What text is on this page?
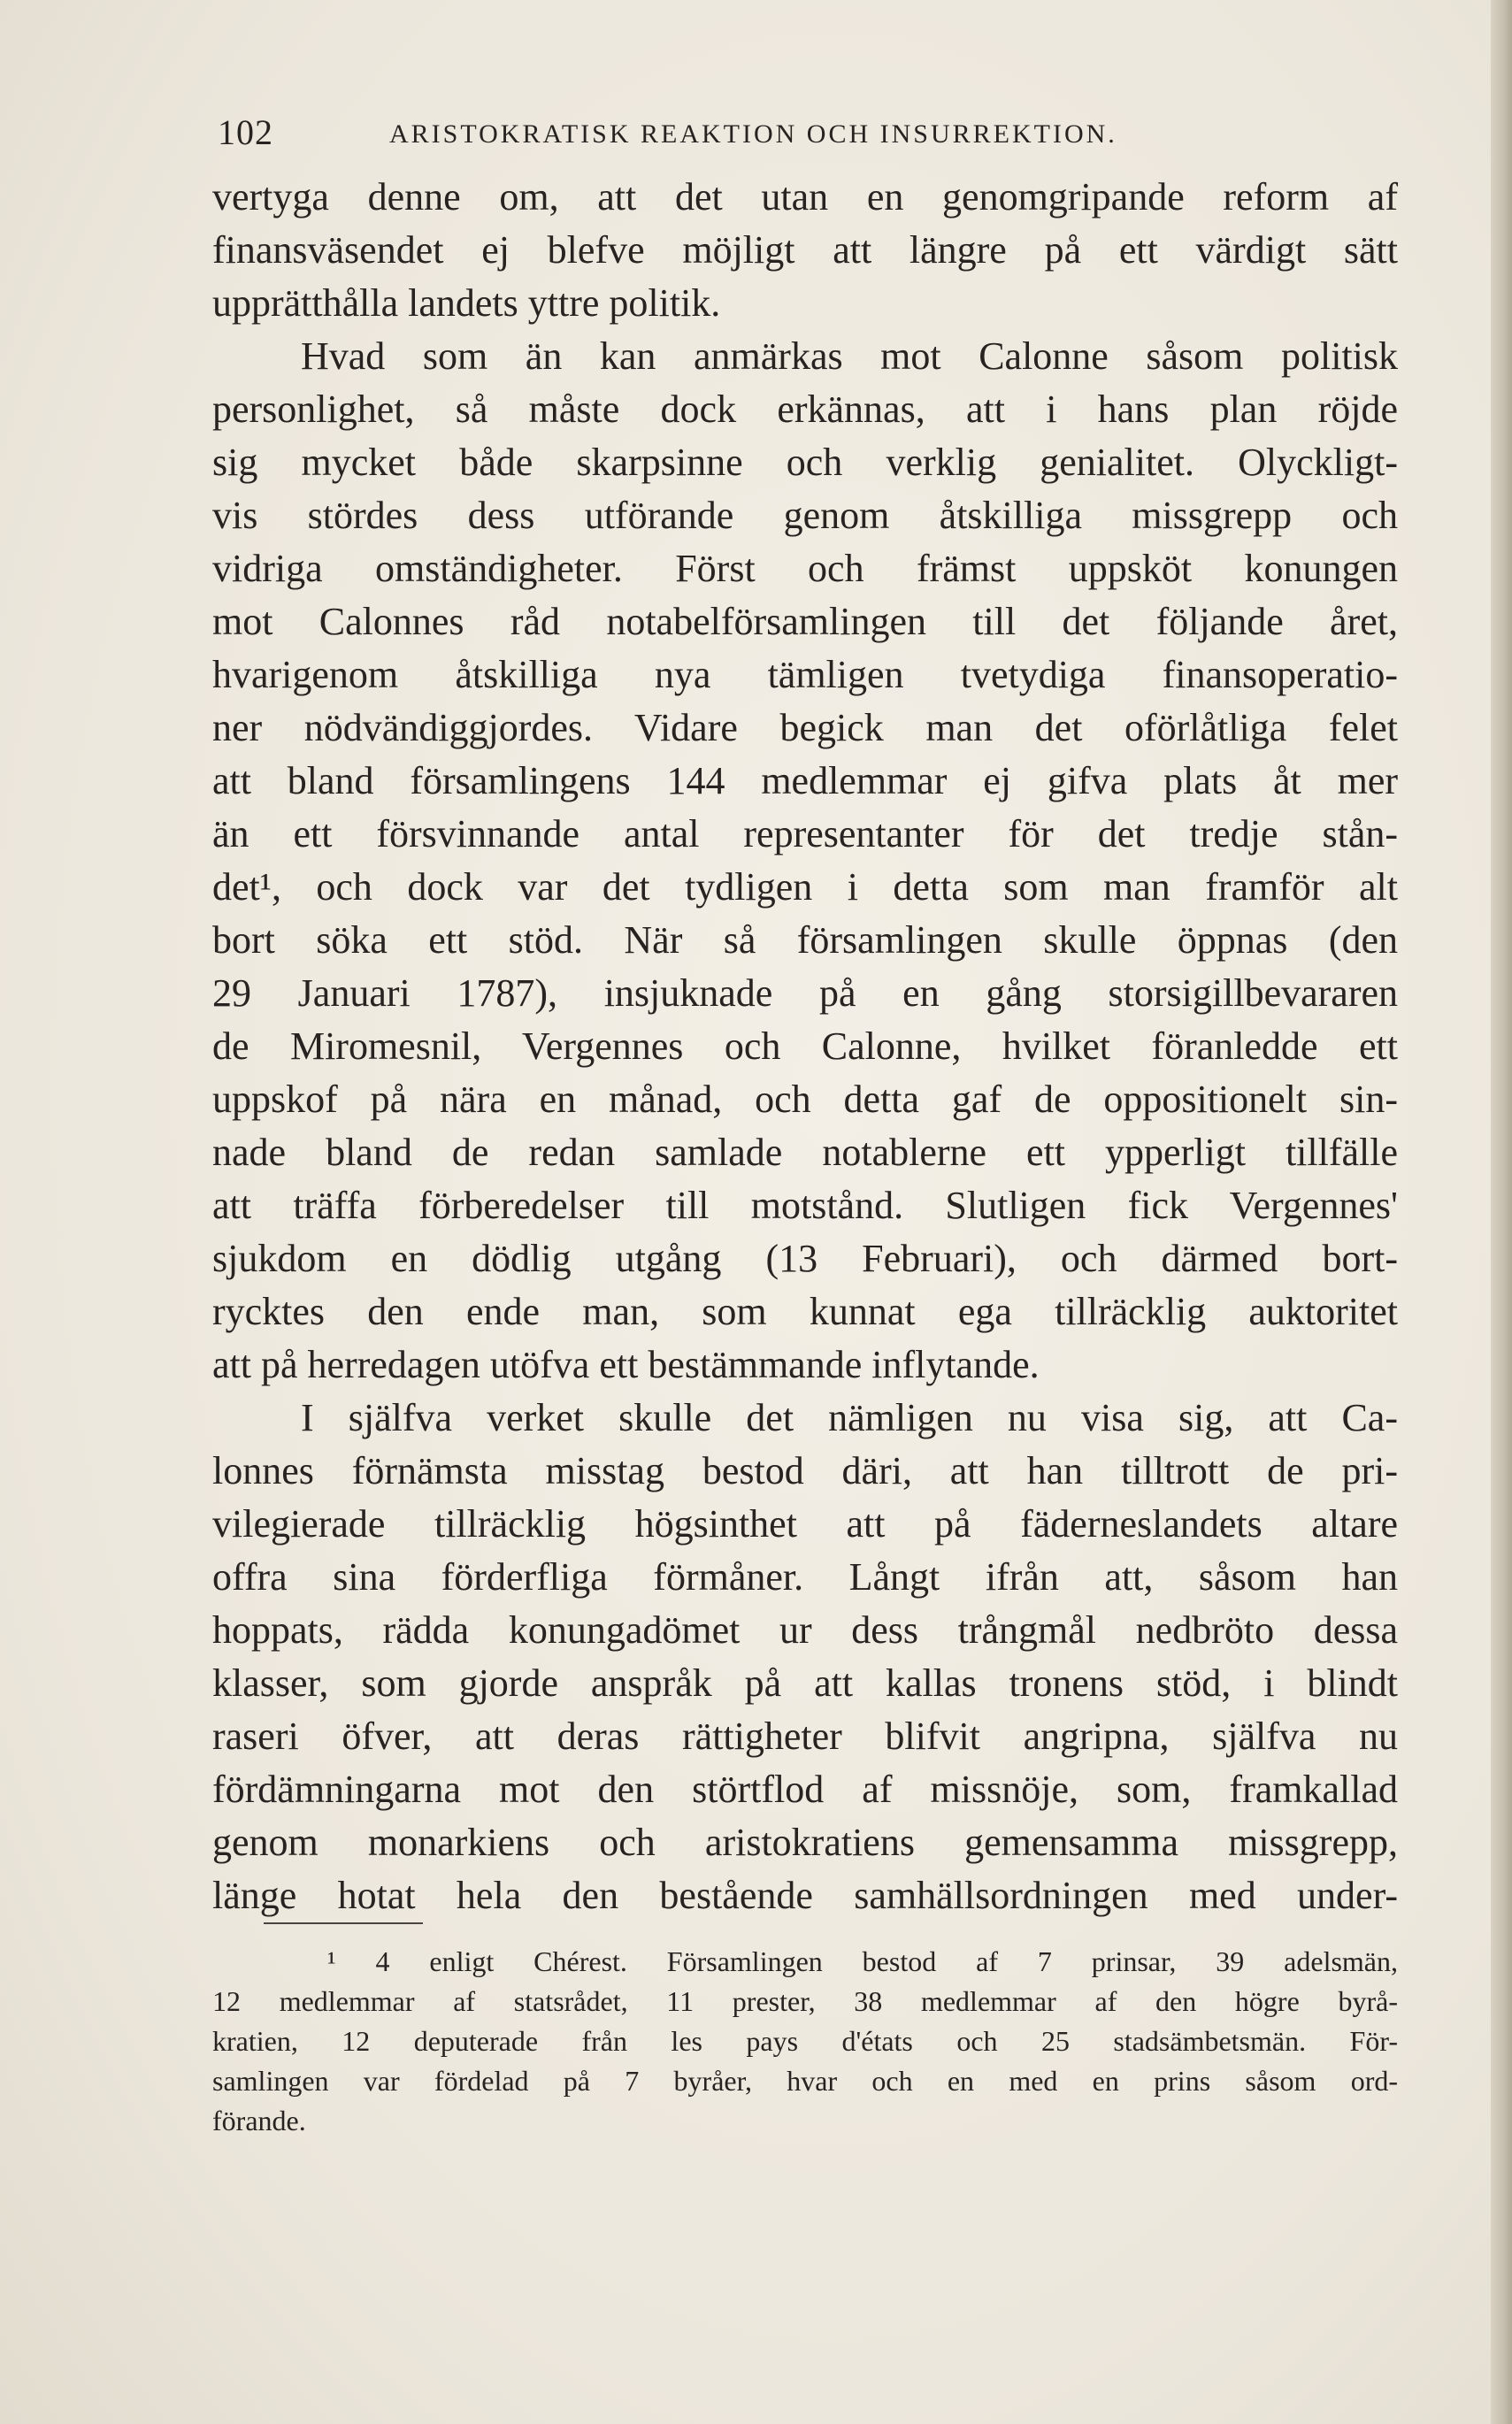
102	ARISTOKRATISK REAKTION OCH INSURREKTION.
vertyga denne om, att det utan en genomgripande reform af
finansväsendet ej blefve möjligt att längre på ett värdigt sätt
upprätthålla landets yttre politik.
Hvad som än kan anmärkas mot Calonne såsom politisk
personlighet, så måste dock erkännas, att i hans plan röjde
sig mycket både skarpsinne och verklig genialitet. Olyckligt-
vis stördes dess utförande genom åtskilliga missgrepp och
vidriga omständigheter. Först och främst uppsköt konungen
mot Calonnes råd notabelförsamlingen till det följande året,
hvarigenom åtskilliga nya tämligen tvetydiga finansoperatio-
ner nödvändiggjordes. Vidare begick man det oförlåtliga felet
att bland församlingens 144 medlemmar ej gifva plats åt mer
än ett försvinnande antal representanter för det tredje stån-
det¹, och dock var det tydligen i detta som man framför alt
bort söka ett stöd. När så församlingen skulle öppnas (den
29 Januari 1787), insjuknade på en gång storsigillbevararen
de Miromesnil, Vergennes och Calonne, hvilket föranledde ett
uppskof på nära en månad, och detta gaf de oppositionelt sin-
nade bland de redan samlade notablerne ett ypperligt tillfälle
att träffa förberedelser till motstånd. Slutligen fick Vergennes'
sjukdom en dödlig utgång (13 Februari), och därmed bort-
rycktes den ende man, som kunnat ega tillräcklig auktoritet
att på herredagen utöfva ett bestämmande inflytande.
I själfva verket skulle det nämligen nu visa sig, att Ca-
lonnes förnämsta misstag bestod däri, att han tilltrott de pri-
vilegierade tillräcklig högsinthet att på fäderneslandets altare
offra sina förderfliga förmåner. Långt ifrån att, såsom han
hoppats, rädda konungadömet ur dess trångmål nedbröto dessa
klasser, som gjorde anspråk på att kallas tronens stöd, i blindt
raseri öfver, att deras rättigheter blifvit angripna, själfva nu
fördämningarna mot den störtflod af missnöje, som, framkallad
genom monarkiens och aristokratiens gemensamma missgrepp,
länge hotat hela den bestående samhällsordningen med under-
¹ 4 enligt Chérest. Församlingen bestod af 7 prinsar, 39 adelsmän,
12 medlemmar af statsrådet, 11 prester, 38 medlemmar af den högre byrå-
kratien, 12 deputerade från les pays d'états och 25 stadsämbetsmän. För-
samlingen var fördelad på 7 byråer, hvar och en med en prins såsom ord-
förande.
